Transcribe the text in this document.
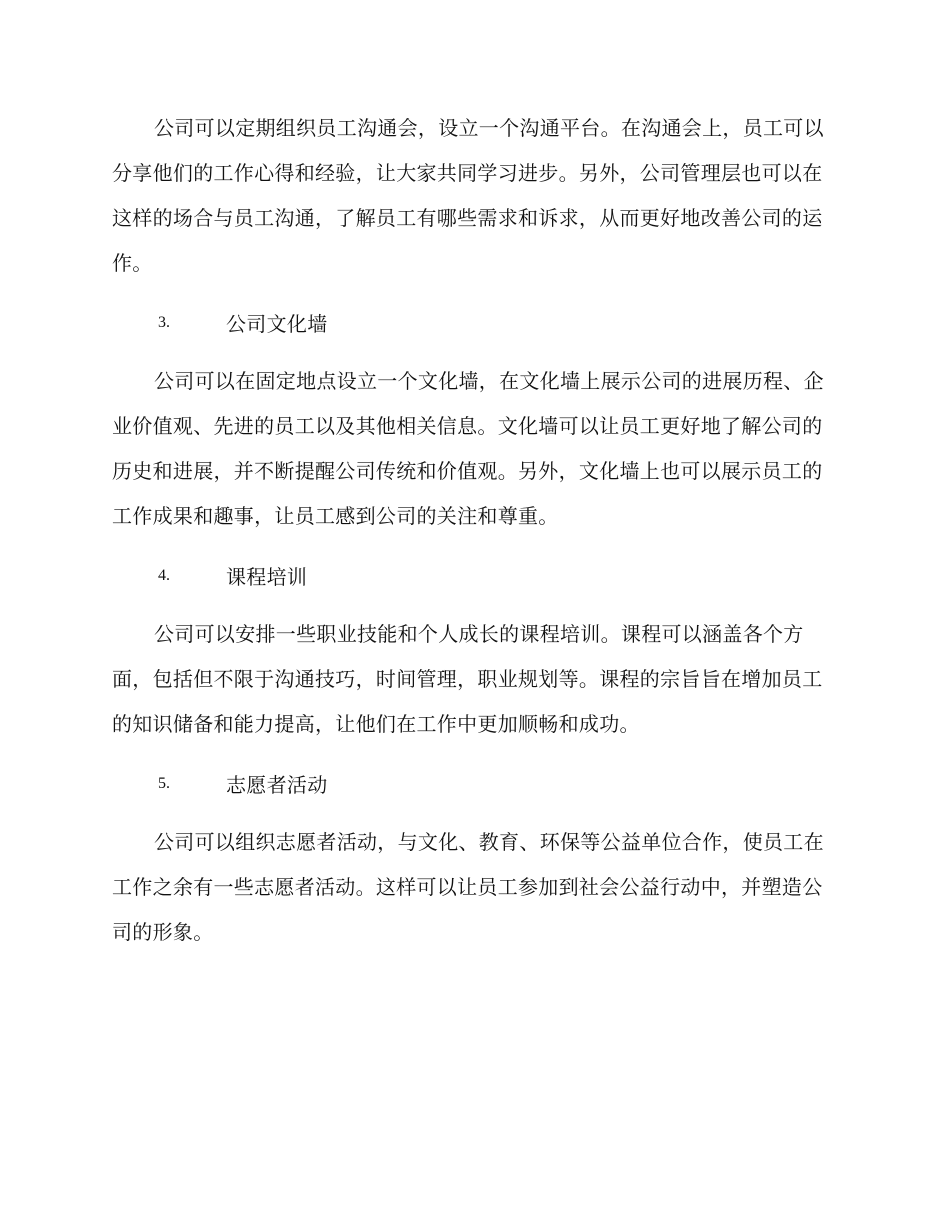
公司可以定期组织员工沟通会，设立一个沟通平台。在沟通会上，员工可以分享他们的工作心得和经验，让大家共同学习进步。另外，公司管理层也可以在这样的场合与员工沟通，了解员工有哪些需求和诉求，从而更好地改善公司的运作。

3.	公司文化墙

公司可以在固定地点设立一个文化墙，在文化墙上展示公司的进展历程、企业价值观、先进的员工以及其他相关信息。文化墙可以让员工更好地了解公司的历史和进展，并不断提醒公司传统和价值观。另外，文化墙上也可以展示员工的工作成果和趣事，让员工感到公司的关注和尊重。

4.	课程培训

公司可以安排一些职业技能和个人成长的课程培训。课程可以涵盖各个方面，包括但不限于沟通技巧，时间管理，职业规划等。课程的宗旨旨在增加员工的知识储备和能力提高，让他们在工作中更加顺畅和成功。

5.	志愿者活动

公司可以组织志愿者活动，与文化、教育、环保等公益单位合作，使员工在工作之余有一些志愿者活动。这样可以让员工参加到社会公益行动中，并塑造公司的形象。
